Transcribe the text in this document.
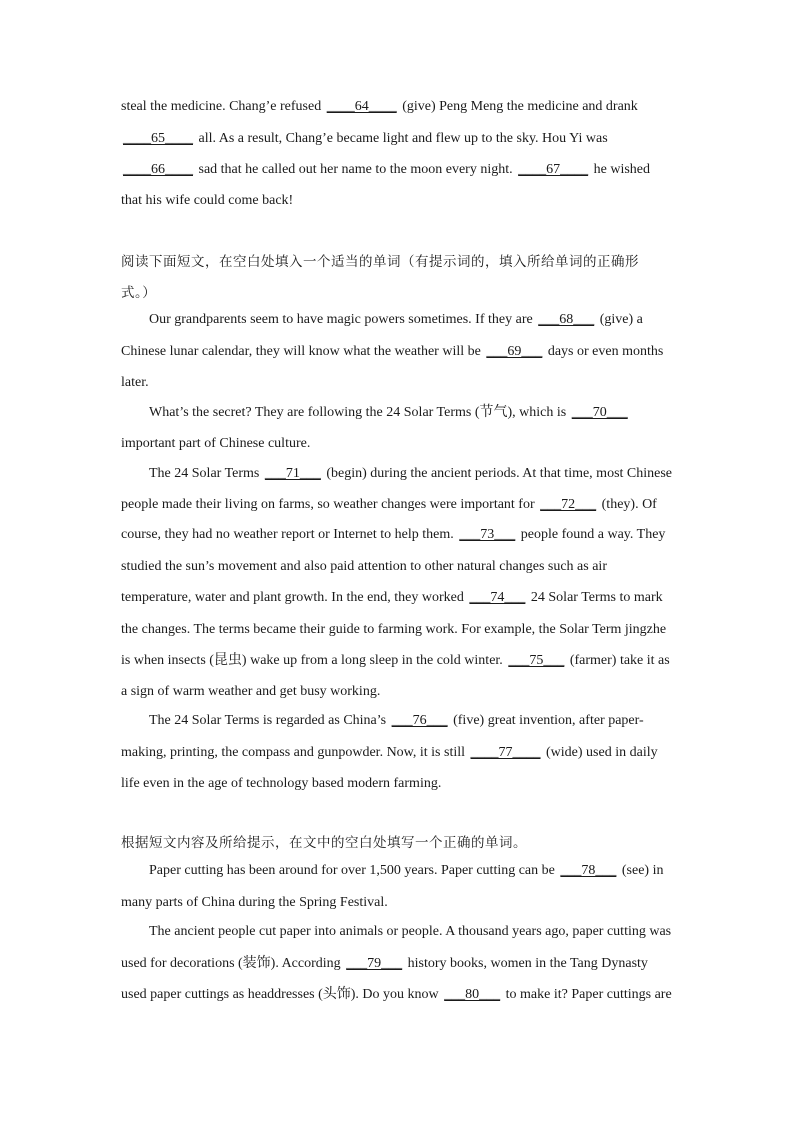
steal the medicine. Chang’e refused ____64____ (give) Peng Meng the medicine and drank
____65____ all. As a result, Chang’e became light and flew up to the sky. Hou Yi was
____66____ sad that he called out her name to the moon every night. ____67____ he wished
that his wife could come back!
阅读下面短文，在空白处填入一个适当的单词（有提示词的，填入所给单词的正确形
式。）
Our grandparents seem to have magic powers sometimes. If they are ___68___ (give) a
Chinese lunar calendar, they will know what the weather will be ___69___ days or even months
later.
What’s the secret? They are following the 24 Solar Terms (节气), which is ___70___
important part of Chinese culture.
The 24 Solar Terms ___71___ (begin) during the ancient periods. At that time, most Chinese
people made their living on farms, so weather changes were important for ___72___ (they). Of
course, they had no weather report or Internet to help them. ___73___ people found a way. They
studied the sun’s movement and also paid attention to other natural changes such as air
temperature, water and plant growth. In the end, they worked ___74___ 24 Solar Terms to mark
the changes. The terms became their guide to farming work. For example, the Solar Term jingzhe
is when insects (昆虫) wake up from a long sleep in the cold winter. ___75___ (farmer) take it as
a sign of warm weather and get busy working.
The 24 Solar Terms is regarded as China’s ___76___ (five) great invention, after paper-
making, printing, the compass and gunpowder. Now, it is still ____77____ (wide) used in daily
life even in the age of technology based modern farming.
根据短文内容及所给提示，在文中的空白处填写一个正确的单词。
Paper cutting has been around for over 1,500 years. Paper cutting can be ___78___ (see) in
many parts of China during the Spring Festival.
The ancient people cut paper into animals or people. A thousand years ago, paper cutting was
used for decorations (装饰). According ___79___ history books, women in the Tang Dynasty
used paper cuttings as headdresses (头饰). Do you know ___80___ to make it? Paper cuttings are
